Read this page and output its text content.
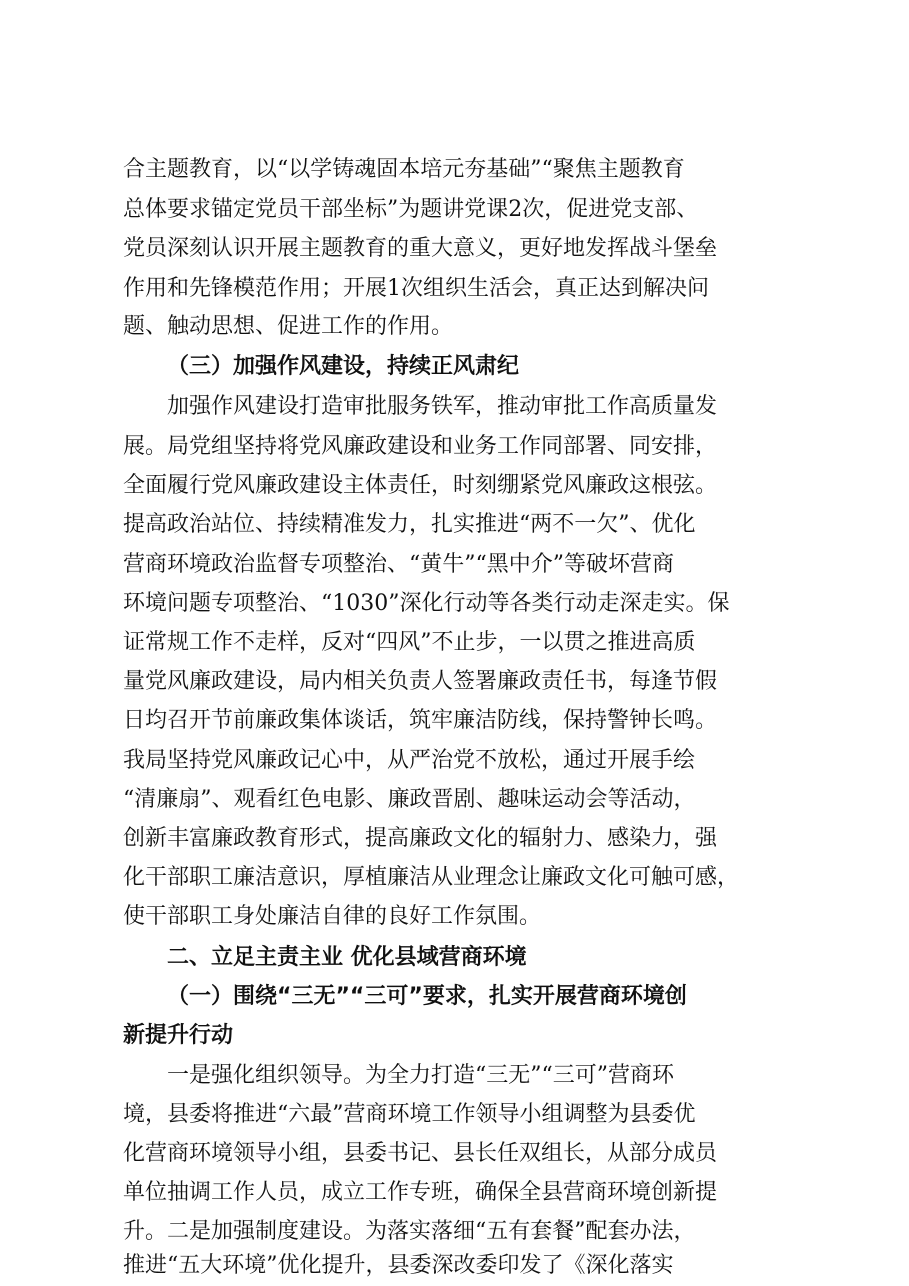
合主题教育，以“以学铸魂固本培元夯基础”“聚焦主题教育
总体要求锚定党员干部坐标”为题讲党课2次，促进党支部、
党员深刻认识开展主题教育的重大意义，更好地发挥战斗堡垒
作用和先锋模范作用；开展1次组织生活会，真正达到解决问
题、触动思想、促进工作的作用。
（三）加强作风建设，持续正风肃纪
加强作风建设打造审批服务铁军，推动审批工作高质量发
展。局党组坚持将党风廉政建设和业务工作同部署、同安排，
全面履行党风廉政建设主体责任，时刻绷紧党风廉政这根弦。
提高政治站位、持续精准发力，扎实推进“两不一欠”、优化
营商环境政治监督专项整治、“黄牛”“黑中介”等破坏营商
环境问题专项整治、“1030”深化行动等各类行动走深走实。保
证常规工作不走样，反对“四风”不止步，一以贯之推进高质
量党风廉政建设，局内相关负责人签署廉政责任书，每逢节假
日均召开节前廉政集体谈话，筑牢廉洁防线，保持警钟长鸣。
我局坚持党风廉政记心中，从严治党不放松，通过开展手绘
“清廉扇”、观看红色电影、廉政晋剧、趣味运动会等活动，
创新丰富廉政教育形式，提高廉政文化的辐射力、感染力，强
化干部职工廉洁意识，厚植廉洁从业理念让廉政文化可触可感，
使干部职工身处廉洁自律的良好工作氛围。
二、立足主责主业 优化县域营商环境
（一）围绕“三无”“三可”要求，扎实开展营商环境创
新提升行动
一是强化组织领导。为全力打造“三无”“三可”营商环
境，县委将推进“六最”营商环境工作领导小组调整为县委优
化营商环境领导小组，县委书记、县长任双组长，从部分成员
单位抽调工作人员，成立工作专班，确保全县营商环境创新提
升。二是加强制度建设。为落实落细“五有套餐”配套办法，
推进“五大环境”优化提升，县委深改委印发了《深化落实
